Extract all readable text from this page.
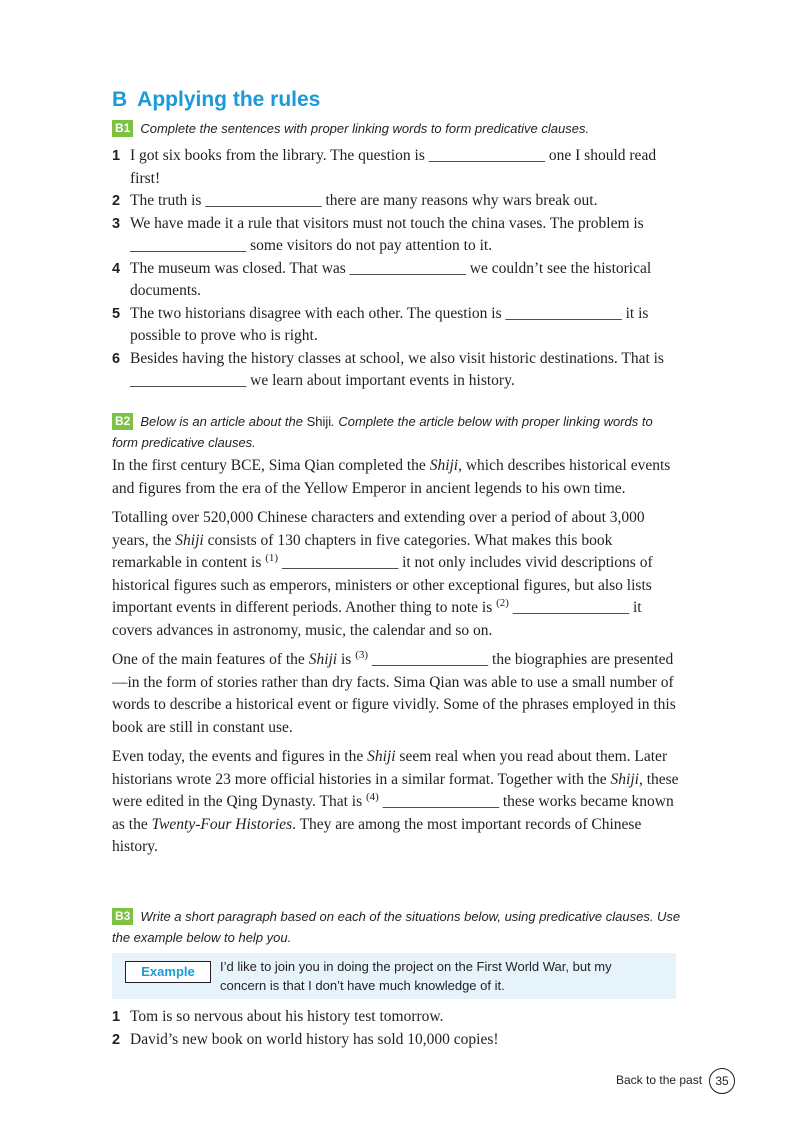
B Applying the rules
B1 Complete the sentences with proper linking words to form predicative clauses.
1 I got six books from the library. The question is _______________ one I should read first!
2 The truth is _______________ there are many reasons why wars break out.
3 We have made it a rule that visitors must not touch the china vases. The problem is _______________ some visitors do not pay attention to it.
4 The museum was closed. That was _______________ we couldn’t see the historical documents.
5 The two historians disagree with each other. The question is _______________ it is possible to prove who is right.
6 Besides having the history classes at school, we also visit historic destinations. That is _______________ we learn about important events in history.
B2 Below is an article about the Shiji. Complete the article below with proper linking words to form predicative clauses.

In the first century BCE, Sima Qian completed the Shiji, which describes historical events and figures from the era of the Yellow Emperor in ancient legends to his own time.

Totalling over 520,000 Chinese characters and extending over a period of about 3,000 years, the Shiji consists of 130 chapters in five categories. What makes this book remarkable in content is $^{(1)}$ _______________ it not only includes vivid descriptions of historical figures such as emperors, ministers or other exceptional figures, but also lists important events in different periods. Another thing to note is $^{(2)}$ _______________ it covers advances in astronomy, music, the calendar and so on.

One of the main features of the Shiji is $^{(3)}$ _______________ the biographies are presented—in the form of stories rather than dry facts. Sima Qian was able to use a small number of words to describe a historical event or figure vividly. Some of the phrases employed in this book are still in constant use.

Even today, the events and figures in the Shiji seem real when you read about them. Later historians wrote 23 more official histories in a similar format. Together with the Shiji, these were edited in the Qing Dynasty. That is $^{(4)}$ _______________ these works became known as the Twenty-Four Histories. They are among the most important records of Chinese history.

B3 Write a short paragraph based on each of the situations below, using predicative clauses. Use the example below to help you.
Example	I’d like to join you in doing the project on the First World War, but my concern is that I don’t have much knowledge of it.
1 Tom is so nervous about his history test tomorrow.
2 David’s new book on world history has sold 10,000 copies!
Back to the past	35
